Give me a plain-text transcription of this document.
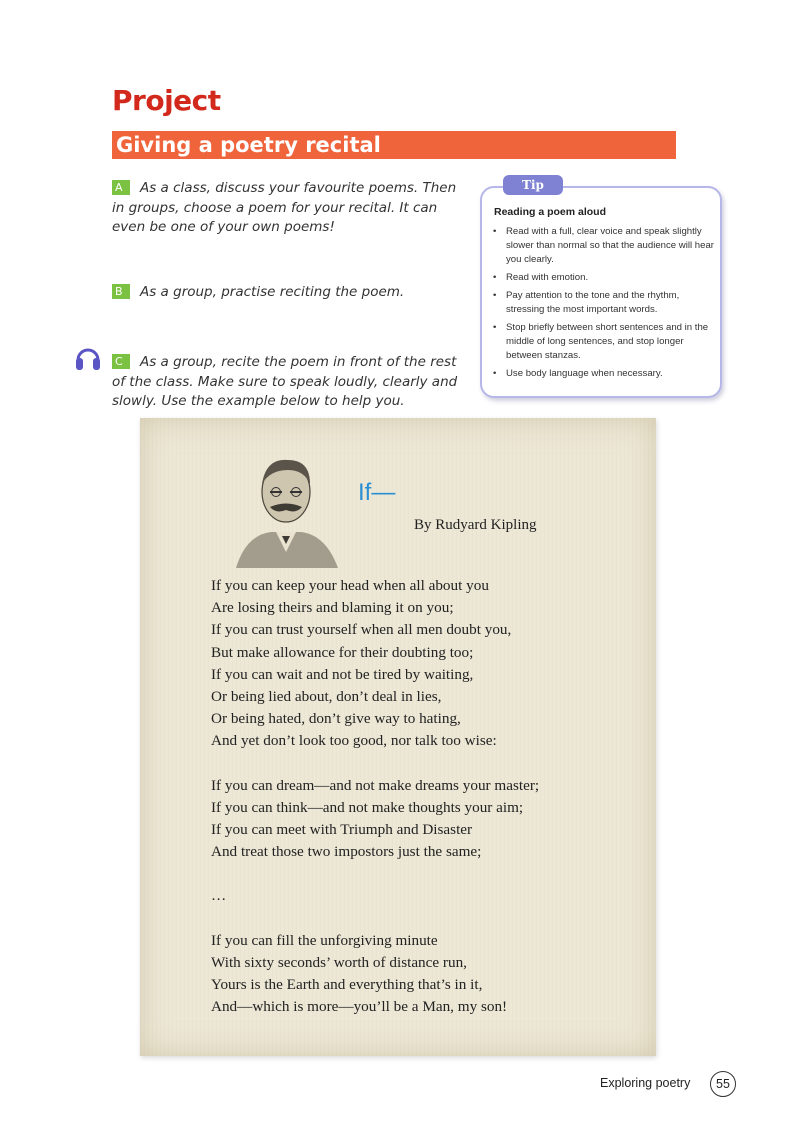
Project
Giving a poetry recital
A As a class, discuss your favourite poems. Then in groups, choose a poem for your recital. It can even be one of your own poems!
B As a group, practise reciting the poem.
C As a group, recite the poem in front of the rest of the class. Make sure to speak loudly, clearly and slowly. Use the example below to help you.
Tip
Reading a poem aloud
• Read with a full, clear voice and speak slightly slower than normal so that the audience will hear you clearly.
• Read with emotion.
• Pay attention to the tone and the rhythm, stressing the most important words.
• Stop briefly between short sentences and in the middle of long sentences, and stop longer between stanzas.
• Use body language when necessary.
If—
By Rudyard Kipling
If you can keep your head when all about you
Are losing theirs and blaming it on you;
If you can trust yourself when all men doubt you,
But make allowance for their doubting too;
If you can wait and not be tired by waiting,
Or being lied about, don’t deal in lies,
Or being hated, don’t give way to hating,
And yet don’t look too good, nor talk too wise:
If you can dream—and not make dreams your master;
If you can think—and not make thoughts your aim;
If you can meet with Triumph and Disaster
And treat those two impostors just the same;
…
If you can fill the unforgiving minute
With sixty seconds’ worth of distance run,
Yours is the Earth and everything that’s in it,
And—which is more—you’ll be a Man, my son!
Exploring poetry	55
